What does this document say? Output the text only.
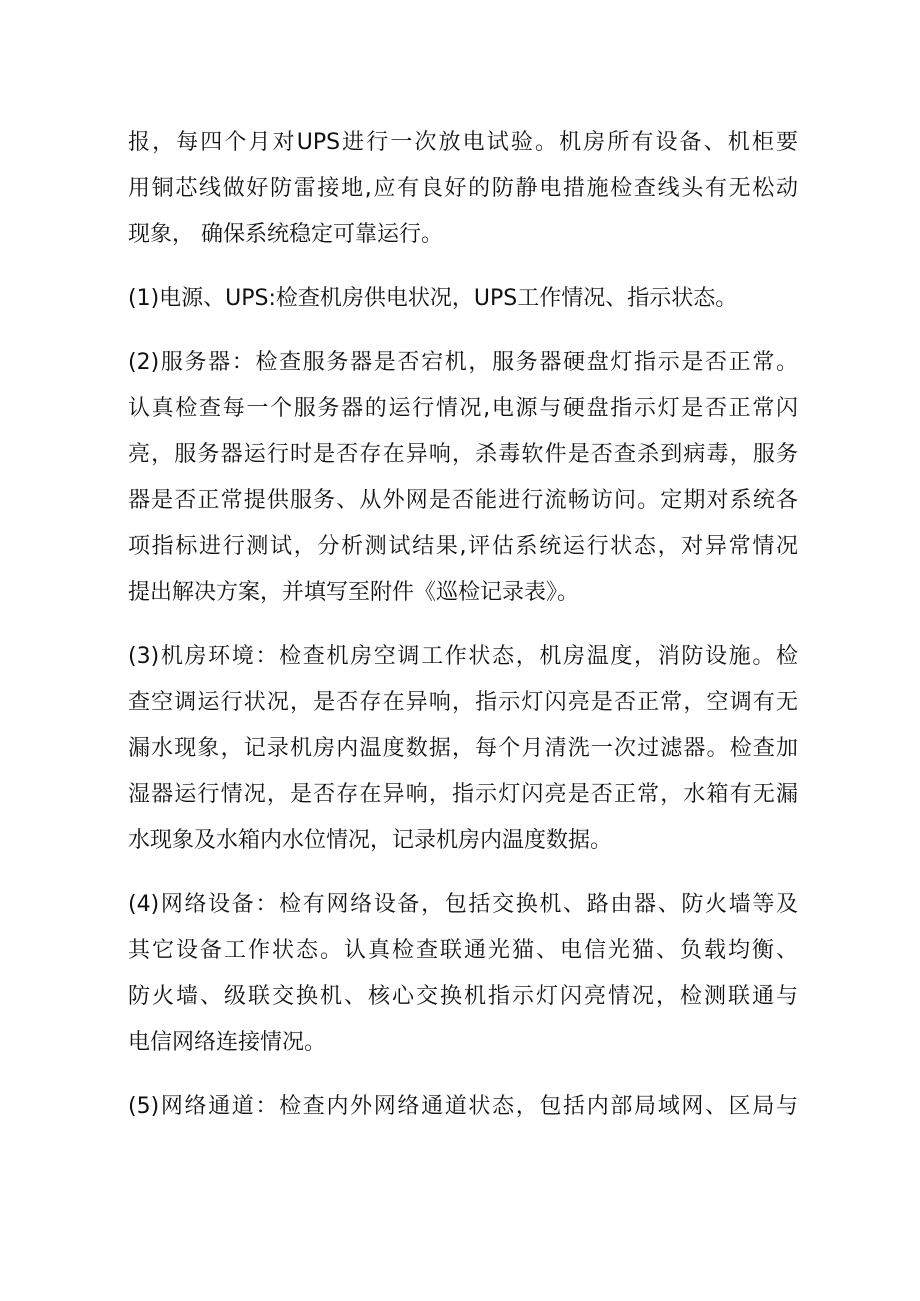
报，每四个月对UPS进行一次放电试验。机房所有设备、机柜要
用铜芯线做好防雷接地,应有良好的防静电措施检查线头有无松动
现象， 确保系统稳定可靠运行。

(1)电源、UPS:检查机房供电状况，UPS工作情况、指示状态。

(2)服务器：检查服务器是否宕机，服务器硬盘灯指示是否正常。
认真检查每一个服务器的运行情况,电源与硬盘指示灯是否正常闪
亮，服务器运行时是否存在异响，杀毒软件是否查杀到病毒，服务
器是否正常提供服务、从外网是否能进行流畅访问。定期对系统各
项指标进行测试，分析测试结果,评估系统运行状态，对异常情况
提出解决方案，并填写至附件《巡检记录表》。

(3)机房环境：检查机房空调工作状态，机房温度，消防设施。检
查空调运行状况，是否存在异响，指示灯闪亮是否正常，空调有无
漏水现象，记录机房内温度数据，每个月清洗一次过滤器。检查加
湿器运行情况，是否存在异响，指示灯闪亮是否正常，水箱有无漏
水现象及水箱内水位情况，记录机房内温度数据。

(4)网络设备：检有网络设备，包括交换机、路由器、防火墙等及
其它设备工作状态。认真检查联通光猫、电信光猫、负载均衡、
防火墙、级联交换机、核心交换机指示灯闪亮情况，检测联通与
电信网络连接情况。

(5)网络通道：检查内外网络通道状态，包括内部局域网、区局与
